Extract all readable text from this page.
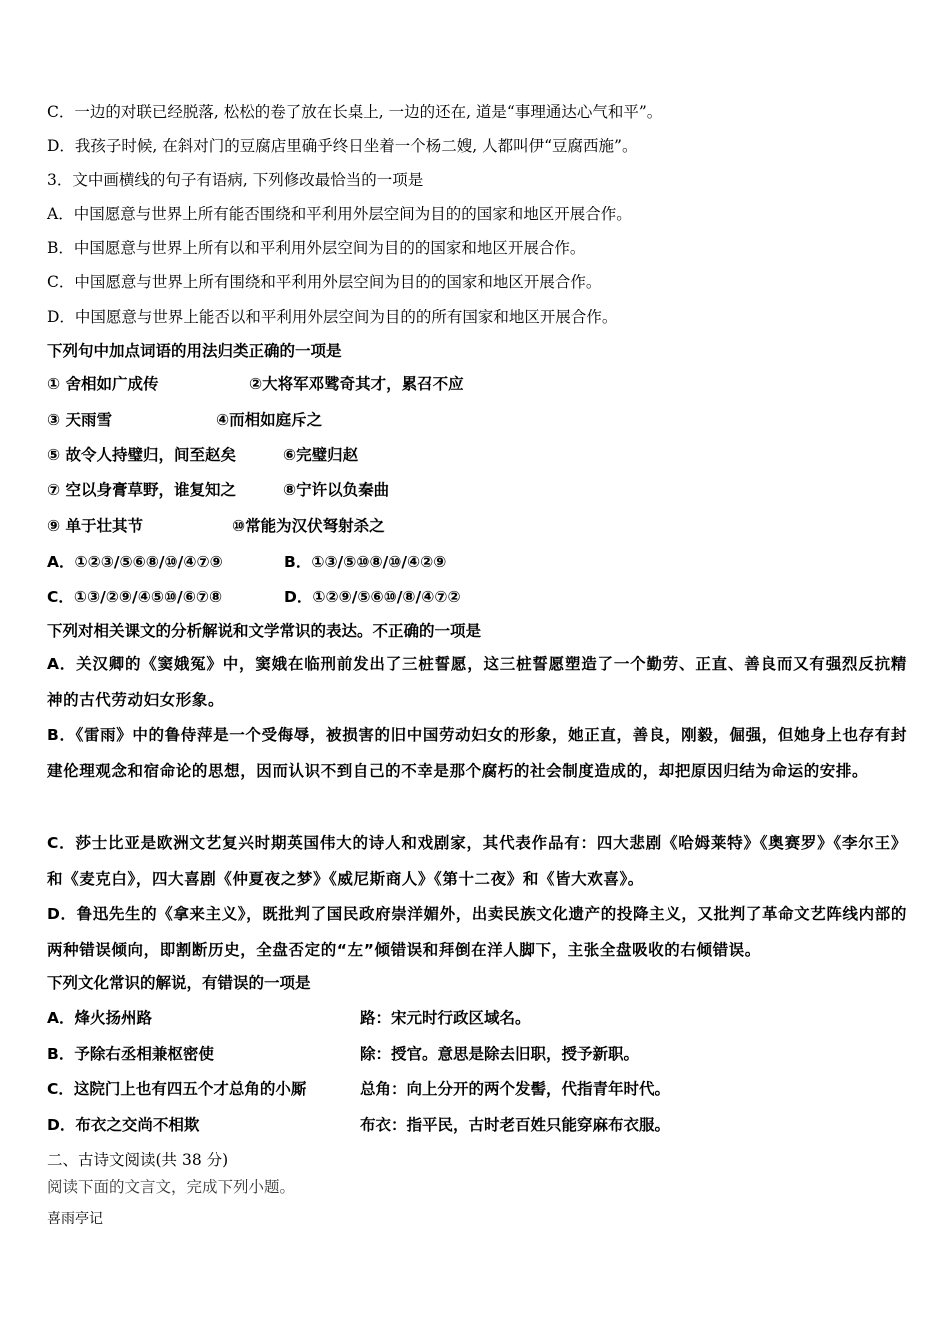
C．一边的对联已经脱落, 松松的卷了放在长桌上, 一边的还在, 道是“事理通达心气和平”。
D．我孩子时候, 在斜对门的豆腐店里确乎终日坐着一个杨二嫂, 人都叫伊“豆腐西施”。
3．文中画横线的句子有语病, 下列修改最恰当的一项是
A．中国愿意与世界上所有能否围绕和平利用外层空间为目的的国家和地区开展合作。
B．中国愿意与世界上所有以和平利用外层空间为目的的国家和地区开展合作。
C．中国愿意与世界上所有围绕和平利用外层空间为目的的国家和地区开展合作。
D．中国愿意与世界上能否以和平利用外层空间为目的的所有国家和地区开展合作。
下列句中加点词语的用法归类正确的一项是
① 舍相如广成传	②大将军邓骘奇其才，累召不应
③ 天雨雪	④而相如庭斥之
⑤ 故令人持璧归，间至赵矣	⑥完璧归赵
⑦ 空以身膏草野，谁复知之	⑧宁许以负秦曲
⑨ 单于壮其节	⑩常能为汉伏弩射杀之
A．①②③/⑤⑥⑧/⑩/④⑦⑨	B．①③/⑤⑩⑧/⑩/④②⑨
C．①③/②⑨/④⑤⑩/⑥⑦⑧	D．①②⑨/⑤⑥⑩/⑧/④⑦②
下列对相关课文的分析解说和文学常识的表达。不正确的一项是
A．关汉卿的《窦娥冤》中，窦娥在临刑前发出了三桩誓愿，这三桩誓愿塑造了一个勤劳、正直、善良而又有强烈反抗精神的古代劳动妇女形象。
B．《雷雨》中的鲁侍萍是一个受侮辱，被损害的旧中国劳动妇女的形象，她正直，善良，刚毅，倔强，但她身上也存有封建伦理观念和宿命论的思想，因而认识不到自己的不幸是那个腐朽的社会制度造成的，却把原因归结为命运的安排。
C．莎士比亚是欧洲文艺复兴时期英国伟大的诗人和戏剧家，其代表作品有：四大悲剧《哈姆莱特》《奥赛罗》《李尔王》和《麦克白》，四大喜剧《仲夏夜之梦》《威尼斯商人》《第十二夜》和《皆大欢喜》。
D．鲁迅先生的《拿来主义》，既批判了国民政府崇洋媚外，出卖民族文化遗产的投降主义，又批判了革命文艺阵线内部的两种错误倾向，即割断历史，全盘否定的“左”倾错误和拜倒在洋人脚下，主张全盘吸收的右倾错误。
下列文化常识的解说，有错误的一项是
A．烽火扬州路	路：宋元时行政区域名。
B．予除右丞相兼枢密使	除：授官。意思是除去旧职，授予新职。
C．这院门上也有四五个才总角的小厮	总角：向上分开的两个发髻，代指青年时代。
D．布衣之交尚不相欺	布衣：指平民，古时老百姓只能穿麻布衣服。
二、古诗文阅读(共 38 分)
阅读下面的文言文，完成下列小题。
喜雨亭记
